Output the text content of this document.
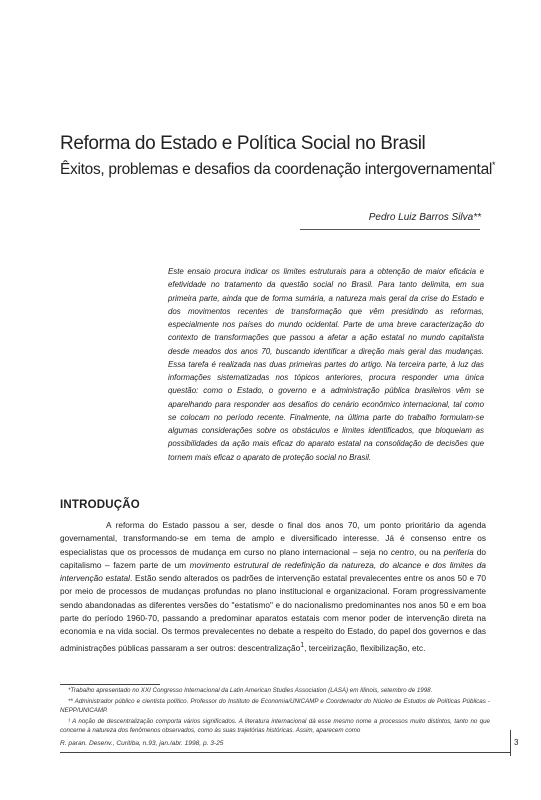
Reforma do Estado e Política Social no Brasil
Êxitos, problemas e desafios da coordenação intergovernamental*
Pedro Luiz Barros Silva**
Este ensaio procura indicar os limites estruturais para a obtenção de maior eficácia e efetividade no tratamento da questão social no Brasil. Para tanto delimita, em sua primeira parte, ainda que de forma sumária, a natureza mais geral da crise do Estado e dos movimentos recentes de transformação que vêm presidindo as reformas, especialmente nos países do mundo ocidental. Parte de uma breve caracterização do contexto de transformações que passou a afetar a ação estatal no mundo capitalista desde meados dos anos 70, buscando identificar a direção mais geral das mudanças. Essa tarefa é realizada nas duas primeiras partes do artigo. Na terceira parte, à luz das informações sistematizadas nos tópicos anteriores, procura responder uma única questão: como o Estado, o governo e a administração pública brasileiros vêm se aparelhando para responder aos desafios do cenário econômico internacional, tal como se colocam no período recente. Finalmente, na última parte do trabalho formulam-se algumas considerações sobre os obstáculos e limites identificados, que bloqueiam as possibilidades da ação mais eficaz do aparato estatal na consolidação de decisões que tornem mais eficaz o aparato de proteção social no Brasil.
INTRODUÇÃO
A reforma do Estado passou a ser, desde o final dos anos 70, um ponto prioritário da agenda governamental, transformando-se em tema de amplo e diversificado interesse. Já é consenso entre os especialistas que os processos de mudança em curso no plano internacional – seja no centro, ou na periferia do capitalismo – fazem parte de um movimento estrutural de redefinição da natureza, do alcance e dos limites da intervenção estatal. Estão sendo alterados os padrões de intervenção estatal prevalecentes entre os anos 50 e 70 por meio de processos de mudanças profundas no plano institucional e organizacional. Foram progressivamente sendo abandonadas as diferentes versões do "estatismo" e do nacionalismo predominantes nos anos 50 e em boa parte do período 1960-70, passando a predominar aparatos estatais com menor poder de intervenção direta na economia e na vida social. Os termos prevalecentes no debate a respeito do Estado, do papel dos governos e das administrações públicas passaram a ser outros: descentralização$^1$, terceirização, flexibilização, etc.

*Trabalho apresentado no XXI Congresso Internacional da Latin American Studies Association (LASA) em Illinois, setembro de 1998.

** Administrador público e cientista político. Professor do Instituto de Economia/UNICAMP e Coordenador do Núcleo de Estudos de Políticas Públicas - NEPP/UNICAMP.

¹ A noção de descentralização comporta vários significados. A literatura internacional dá esse mesmo nome a processos muito distintos, tanto no que concerne à natureza dos fenômenos observados, como às suas trajetórias históricas. Assim, aparecem como

R. paran. Desenv., Curitiba, n.93, jan./abr. 1998, p. 3-25	3
